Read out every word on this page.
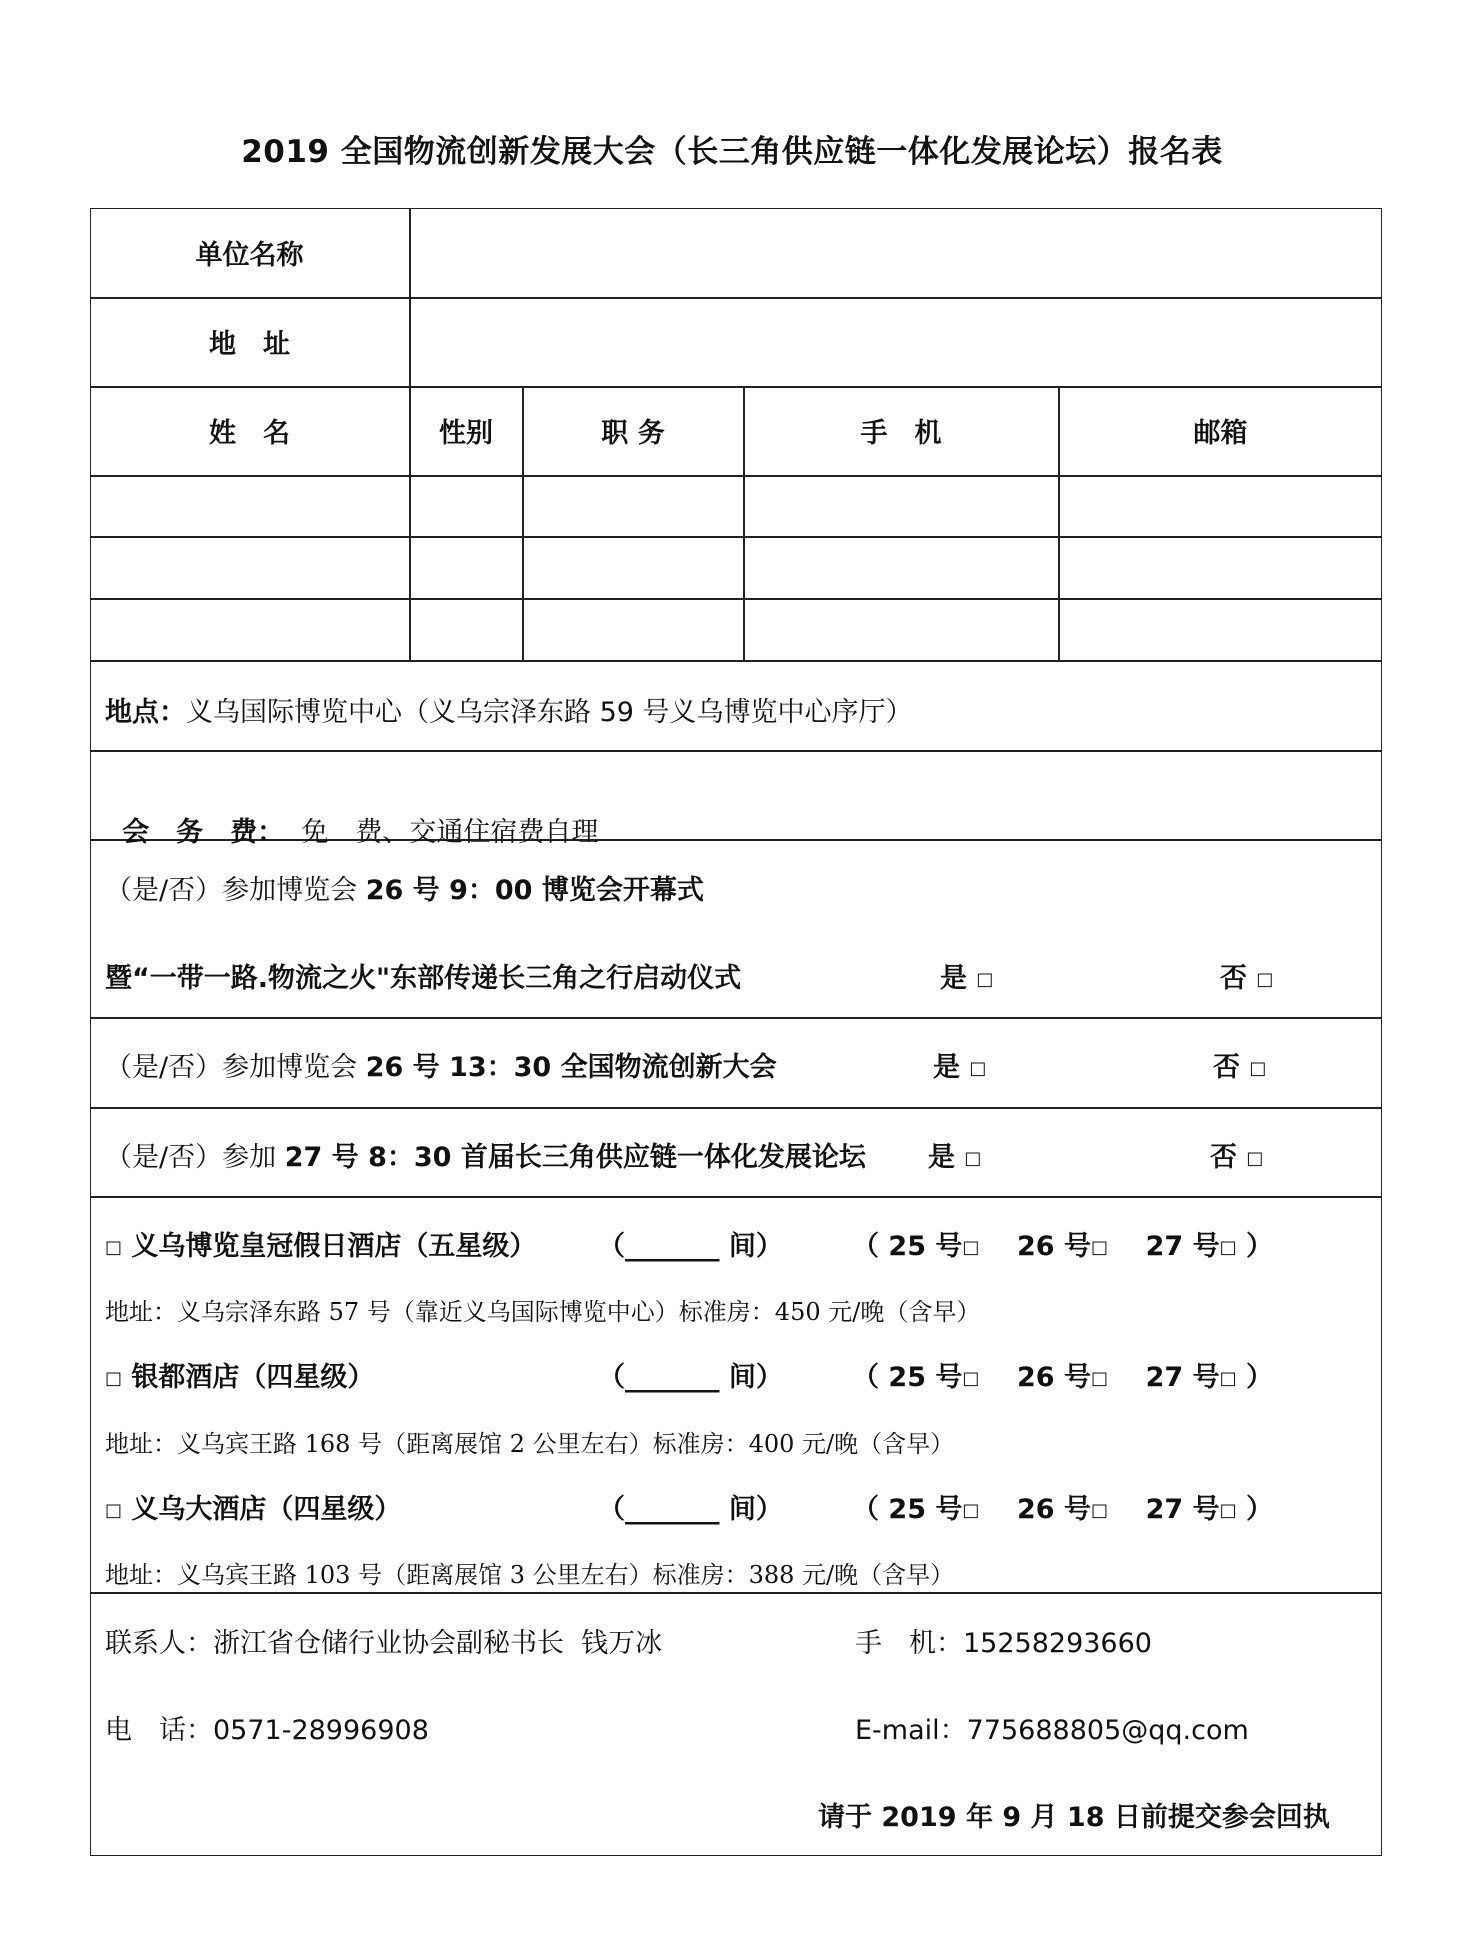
2019 全国物流创新发展大会（长三角供应链一体化发展论坛）报名表
单位名称
地　址
姓　名	性别	职 务	手　机	邮箱
地点：义乌国际博览中心（义乌宗泽东路 59 号义乌博览中心序厅）

会　务　费： 免　费、交通住宿费自理

（是/否）参加博览会 26 号 9：00 博览会开幕式
暨“一带一路.物流之火"东部传递长三角之行启动仪式	是 □	否 □
（是/否）参加博览会 26 号 13：30 全国物流创新大会	是 □	否 □
（是/否）参加 27 号 8：30 首届长三角供应链一体化发展论坛 是 □	否 □
□ 义乌博览皇冠假日酒店（五星级） （_______ 间）	（ 25 号□ 26 号□ 27 号□ ）
地址：义乌宗泽东路 57 号（靠近义乌国际博览中心）标准房：450 元/晚（含早）
□ 银都酒店（四星级）	（_______ 间）	（ 25 号□ 26 号□ 27 号□ ）
地址：义乌宾王路 168 号（距离展馆 2 公里左右）标准房：400 元/晚（含早）
□ 义乌大酒店（四星级）	（_______ 间）	（ 25 号□ 26 号□ 27 号□ ）
地址：义乌宾王路 103 号（距离展馆 3 公里左右）标准房：388 元/晚（含早）
联系人：浙江省仓储行业协会副秘书长  钱万冰	手　机：15258293660
电　话：0571-28996908	E-mail：775688805@qq.com
请于 2019 年 9 月 18 日前提交参会回执
